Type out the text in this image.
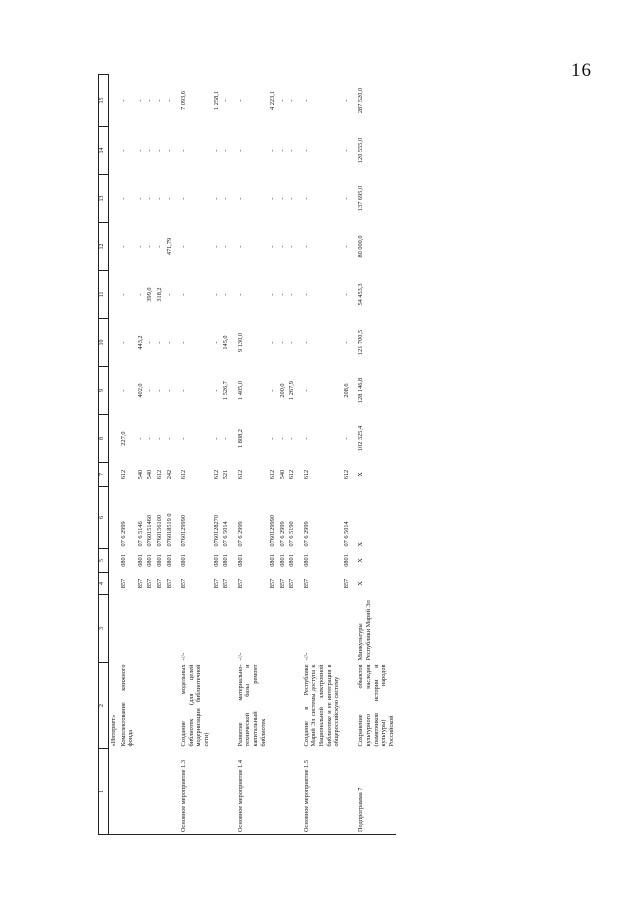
16
1	2	3	4	5	6	7	8	9	10	11	12	13	14	15
	«Интернет»													
	Комплектование книжного фонда		857	0801	07 6 2999	612	227,0	-	-	-	-	-	-	-
			857	0801	07 6 5146	540	-	402,0	443,2	-	-	-	-	-
			857	0801	0760151460	540	-	-	-	399,0	-	-	-	-
			857	0801	0760156100	612	-	-	-	318,2	-	-	-	-
			857	0801	076018519 0	242	-	-	-	-	471,79	-	-	-
Основное мероприятие 1.3	Создание модельных библиотек (для целей модернизации библиотечной сети)	-//-	857	0801	0760129990	612	-	-	-	-	-	-	-	7 093,6
			857	0801	0760128270	612	-	-	-	-	-	-	-	1 258,1
			857	0801	07 6 5014	521	-	1 526,7	145,0	-	-	-	-	-
Основное мероприятие 1.4	Развитие материально-технической базы и капитальный ремонт библиотек	-//-	857	0801	07 6 2999	612	1 808,2	1 405,0	9 130,0	-	-	-	-	-
			857	0801	0760129990	612	-	-	-	-	-	-	-	4 223,1
			857	0801	07 6 2999	540	-	200,0	-	-	-	-	-	-
			857	0801	07 6 5190	612	-	1 267,9	-	-	-	-	-	-
Основное мероприятие 1.5	Создание в Республике Марий Эл системы доступа к Национальной электронной библиотеке и ее интеграция в общероссийскую систему	-//-	857	0801	07 6 2999	612	-	-	-	-	-	-	-	-
			857	0801	07 6 5014	612	-	208,6	-	-	-	-	-	-
Подпрограмма 7	Сохранение объектов культурного наследия (памятников истории и культуры) народов Российской	Минкультуры Республики Марий Эл	Х	Х	Х	Х	102 325,4	128 146,8	121 700,5	54 453,3	80 000,0	137 695,0	120 555,0	287 520,0
